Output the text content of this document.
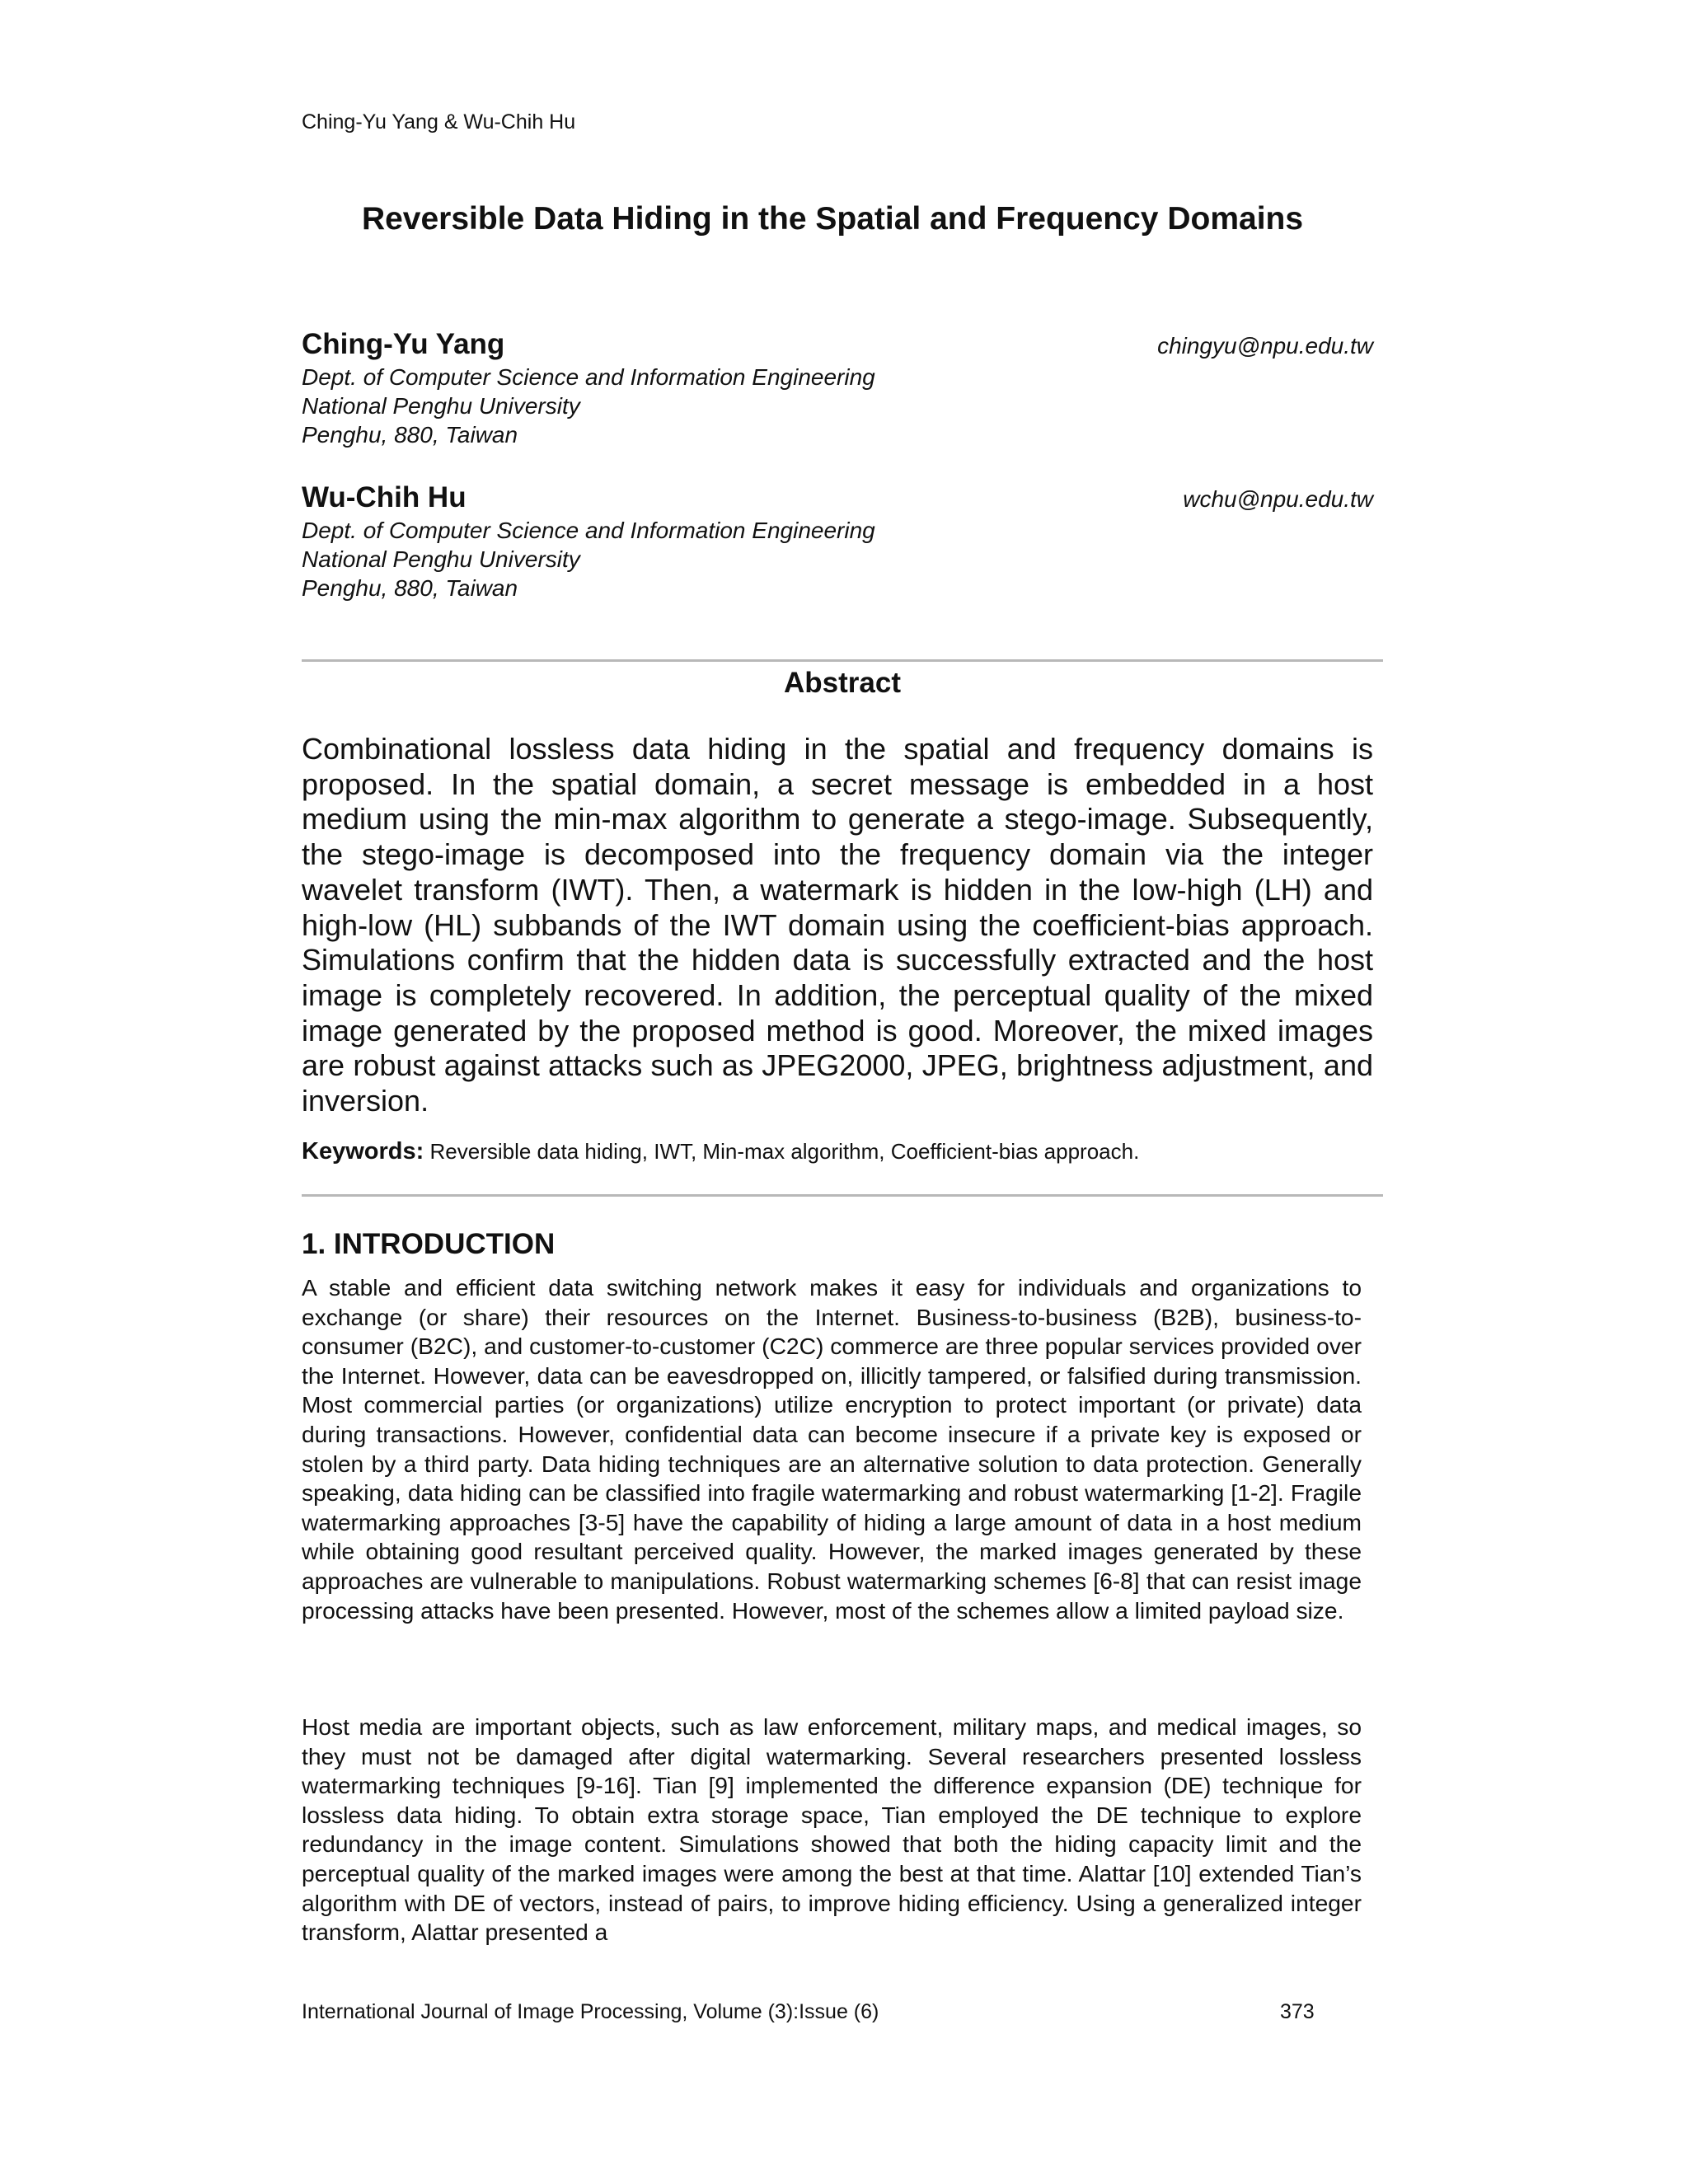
Ching-Yu Yang & Wu-Chih Hu
Reversible Data Hiding in the Spatial and Frequency Domains
Ching-Yu Yang	chingyu@npu.edu.tw
Dept. of Computer Science and Information Engineering
National Penghu University
Penghu, 880, Taiwan
Wu-Chih Hu	wchu@npu.edu.tw
Dept. of Computer Science and Information Engineering
National Penghu University
Penghu, 880, Taiwan
Abstract
Combinational lossless data hiding in the spatial and frequency domains is proposed. In the spatial domain, a secret message is embedded in a host medium using the min-max algorithm to generate a stego-image. Subsequently, the stego-image is decomposed into the frequency domain via the integer wavelet transform (IWT). Then, a watermark is hidden in the low-high (LH) and high-low (HL) subbands of the IWT domain using the coefficient-bias approach. Simulations confirm that the hidden data is successfully extracted and the host image is completely recovered. In addition, the perceptual quality of the mixed image generated by the proposed method is good. Moreover, the mixed images are robust against attacks such as JPEG2000, JPEG, brightness adjustment, and inversion.
Keywords: Reversible data hiding, IWT, Min-max algorithm, Coefficient-bias approach.
1. INTRODUCTION

A stable and efficient data switching network makes it easy for individuals and organizations to exchange (or share) their resources on the Internet. Business-to-business (B2B), business-to-consumer (B2C), and customer-to-customer (C2C) commerce are three popular services provided over the Internet. However, data can be eavesdropped on, illicitly tampered, or falsified during transmission. Most commercial parties (or organizations) utilize encryption to protect important (or private) data during transactions. However, confidential data can become insecure if a private key is exposed or stolen by a third party. Data hiding techniques are an alternative solution to data protection. Generally speaking, data hiding can be classified into fragile watermarking and robust watermarking [1-2]. Fragile watermarking approaches [3-5] have the capability of hiding a large amount of data in a host medium while obtaining good resultant perceived quality. However, the marked images generated by these approaches are vulnerable to manipulations. Robust watermarking schemes [6-8] that can resist image processing attacks have been presented. However, most of the schemes allow a limited payload size.

Host media are important objects, such as law enforcement, military maps, and medical images, so they must not be damaged after digital watermarking. Several researchers presented lossless watermarking techniques [9-16]. Tian [9] implemented the difference expansion (DE) technique for lossless data hiding. To obtain extra storage space, Tian employed the DE technique to explore redundancy in the image content. Simulations showed that both the hiding capacity limit and the perceptual quality of the marked images were among the best at that time. Alattar [10] extended Tian’s algorithm with DE of vectors, instead of pairs, to improve hiding efficiency. Using a generalized integer transform, Alattar presented a

International Journal of Image Processing, Volume (3):Issue (6)	373
